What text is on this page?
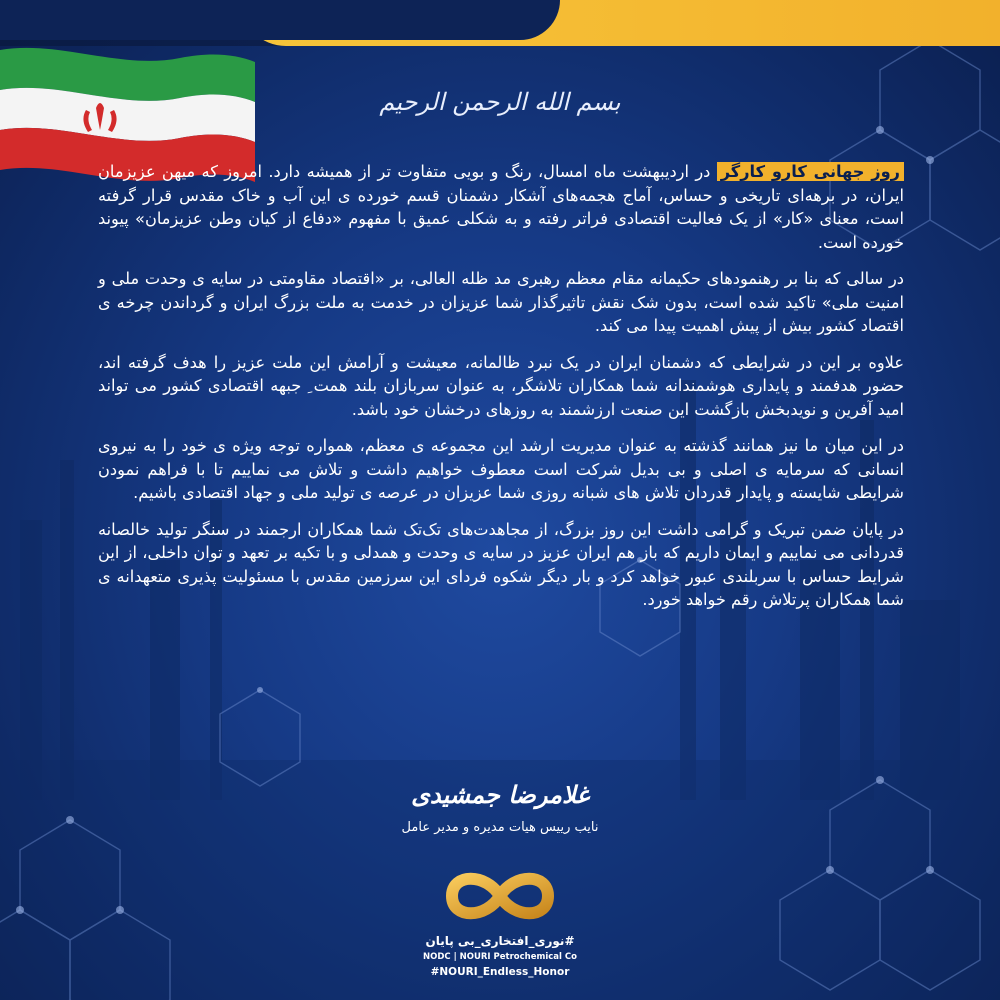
بسم الله الرحمن الرحیم

روز جهانی کارو کارگر در اردیبهشت ماه امسال، رنگ و بویی متفاوت تر از همیشه دارد. امروز که میهن عزیزمان ایران، در برهه‌ای تاریخی و حساس، آماج هجمه‌های آشکار دشمنان قسم خورده ی این آب و خاک مقدس قرار گرفته است، معنای «کار» از یک فعالیت اقتصادی فراتر رفته و به شکلی عمیق با مفهوم «دفاع از کیان وطن عزیزمان» پیوند خورده است.

در سالی که بنا بر رهنمودهای حکیمانه مقام معظم رهبری مد ظله العالی، بر «اقتصاد مقاومتی در سایه ی وحدت ملی و امنیت ملی» تاکید شده است، بدون شک نقش تاثیرگذار شما عزیزان در خدمت به ملت بزرگ ایران و گرداندن چرخه ی اقتصاد کشور بیش از پیش اهمیت پیدا می کند.

علاوه بر این در شرایطی که دشمنان ایران در یک نبرد ظالمانه، معیشت و آرامش این ملت عزیز را هدف گرفته اند، حضور هدفمند و پایداری هوشمندانه شما همکاران تلاشگر، به عنوان سربازان بلند همت ِ جبهه اقتصادی کشور می تواند امید آفرین و نویدبخش بازگشت این صنعت ارزشمند به روزهای درخشان خود باشد.

در این میان ما نیز همانند گذشته به عنوان مدیریت ارشد این مجموعه ی معظم، همواره توجه ویژه ی خود را به نیروی انسانی که سرمایه ی اصلی و بی بدیل شرکت است معطوف خواهیم داشت و تلاش می نماییم تا با فراهم نمودن شرایطی شایسته و پایدار قدردان تلاش های شبانه روزی شما عزیزان در عرصه ی تولید ملی و جهاد اقتصادی باشیم.

در پایان ضمن تبریک و گرامی داشت این روز بزرگ، از مجاهدت‌های تک‌تک شما همکاران ارجمند در سنگر تولید خالصانه قدردانی می نماییم و ایمان داریم که باز هم ایران عزیز در سایه ی وحدت و همدلی و با تکیه بر تعهد و توان داخلی، از این شرایط حساس با سربلندی عبور خواهد کرد و بار دیگر شکوه فردای این سرزمین مقدس با مسئولیت پذیری متعهدانه ی شما همکاران پرتلاش رقم خواهد خورد.

غلامرضا جمشیدی
نایب رییس هیات مدیره و مدیر عامل
#نوری_افتخاری_بی پایان
NODC | NOURI Petrochemical Co
#NOURI_Endless_Honor
